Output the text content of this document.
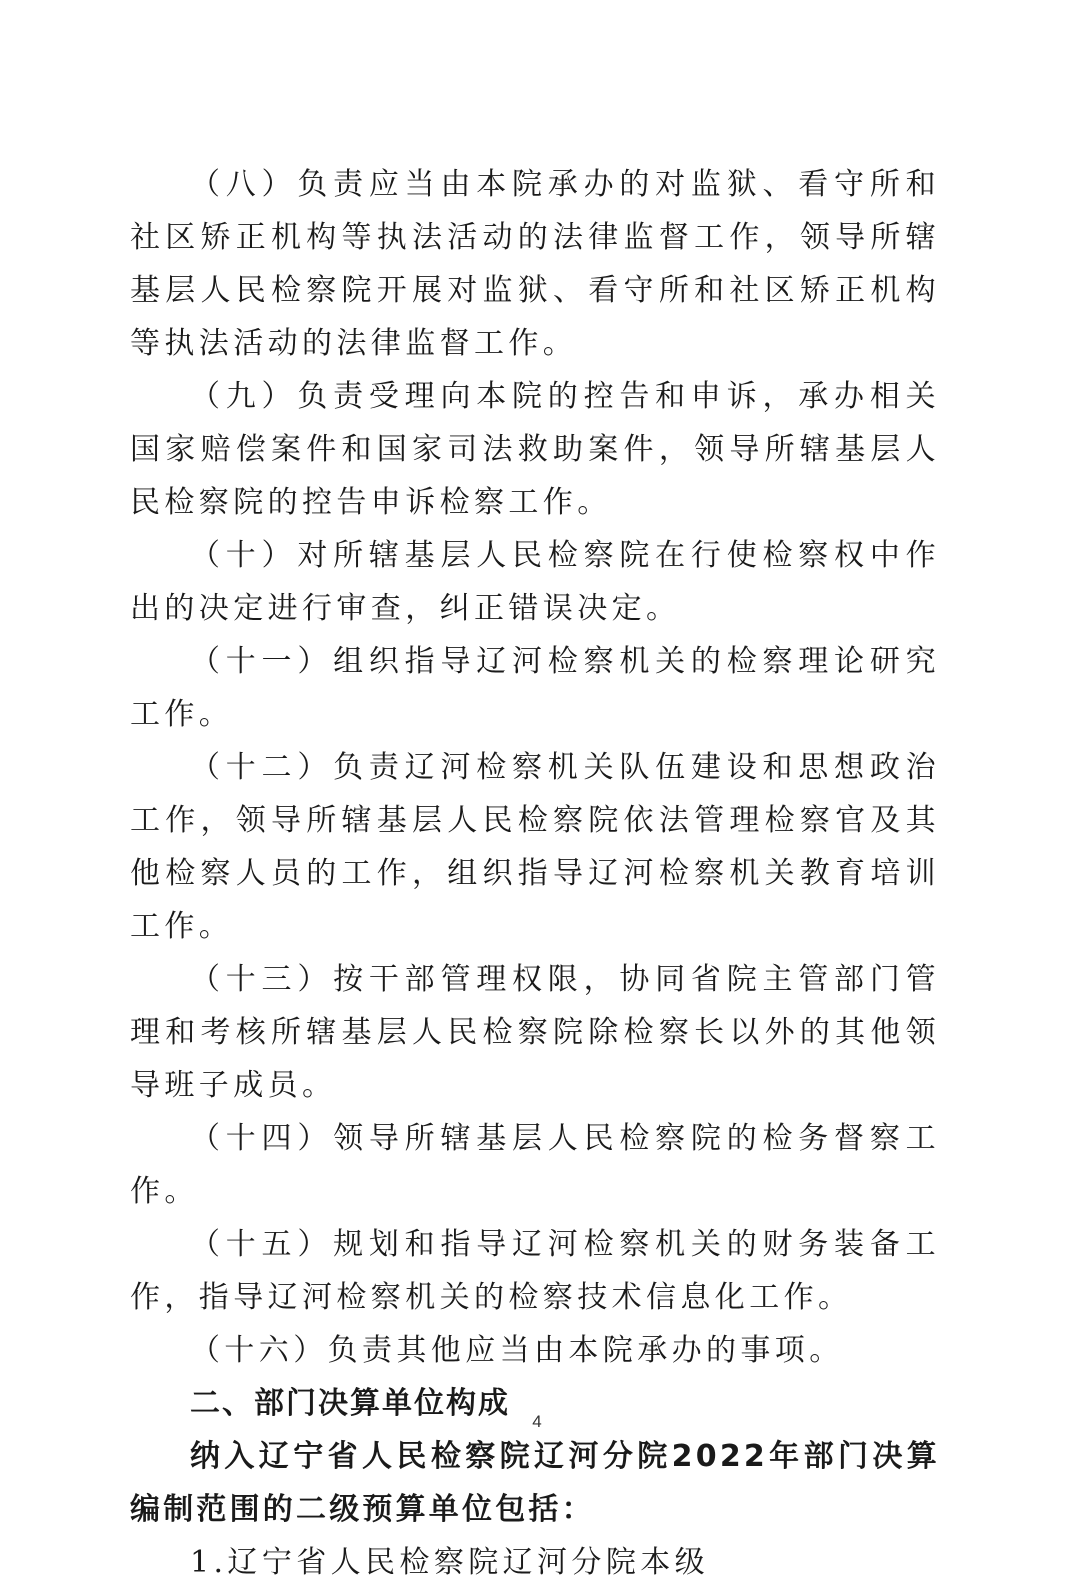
（八）负责应当由本院承办的对监狱、看守所和社区矫正机构等执法活动的法律监督工作，领导所辖基层人民检察院开展对监狱、看守所和社区矫正机构等执法活动的法律监督工作。

（九）负责受理向本院的控告和申诉，承办相关国家赔偿案件和国家司法救助案件，领导所辖基层人民检察院的控告申诉检察工作。

（十）对所辖基层人民检察院在行使检察权中作出的决定进行审查，纠正错误决定。

（十一）组织指导辽河检察机关的检察理论研究工作。

（十二）负责辽河检察机关队伍建设和思想政治工作，领导所辖基层人民检察院依法管理检察官及其他检察人员的工作，组织指导辽河检察机关教育培训工作。

（十三）按干部管理权限，协同省院主管部门管理和考核所辖基层人民检察院除检察长以外的其他领导班子成员。

（十四）领导所辖基层人民检察院的检务督察工作。

（十五）规划和指导辽河检察机关的财务装备工作，指导辽河检察机关的检察技术信息化工作。

（十六）负责其他应当由本院承办的事项。

二、部门决算单位构成

纳入辽宁省人民检察院辽河分院2022年部门决算编制范围的二级预算单位包括：

1.辽宁省人民检察院辽河分院本级

4
